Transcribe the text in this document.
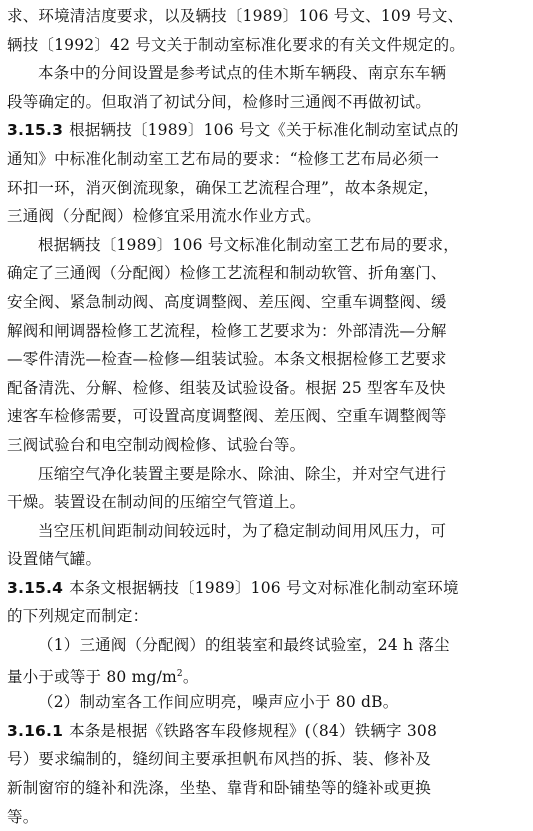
求、环境清洁度要求，以及辆技〔1989〕106 号文、109 号文、
辆技〔1992〕42 号文关于制动室标准化要求的有关文件规定的。
本条中的分间设置是参考试点的佳木斯车辆段、南京东车辆
段等确定的。但取消了初试分间，检修时三通阀不再做初试。
3.15.3 根据辆技〔1989〕106 号文《关于标准化制动室试点的
通知》中标准化制动室工艺布局的要求：“检修工艺布局必须一
环扣一环，消灭倒流现象，确保工艺流程合理”，故本条规定，
三通阀（分配阀）检修宜采用流水作业方式。
根据辆技〔1989〕106 号文标准化制动室工艺布局的要求，
确定了三通阀（分配阀）检修工艺流程和制动软管、折角塞门、
安全阀、紧急制动阀、高度调整阀、差压阀、空重车调整阀、缓
解阀和闸调器检修工艺流程，检修工艺要求为：外部清洗—分解
—零件清洗—检查—检修—组装试验。本条文根据检修工艺要求
配备清洗、分解、检修、组装及试验设备。根据 25 型客车及快
速客车检修需要，可设置高度调整阀、差压阀、空重车调整阀等
三阀试验台和电空制动阀检修、试验台等。
压缩空气净化装置主要是除水、除油、除尘，并对空气进行
干燥。装置设在制动间的压缩空气管道上。
当空压机间距制动间较远时，为了稳定制动间用风压力，可
设置储气罐。
3.15.4 本条文根据辆技〔1989〕106 号文对标准化制动室环境
的下列规定而制定：
（1）三通阀（分配阀）的组装室和最终试验室，24 h 落尘
量小于或等于 80 $mg/m^2$。
（2）制动室各工作间应明亮，噪声应小于 80 dB。
3.16.1 本条是根据《铁路客车段修规程》(（84）铁辆字 308
号）要求编制的，缝纫间主要承担帆布风挡的拆、装、修补及
新制窗帘的缝补和洗涤，坐垫、靠背和卧铺垫等的缝补或更换
等。
